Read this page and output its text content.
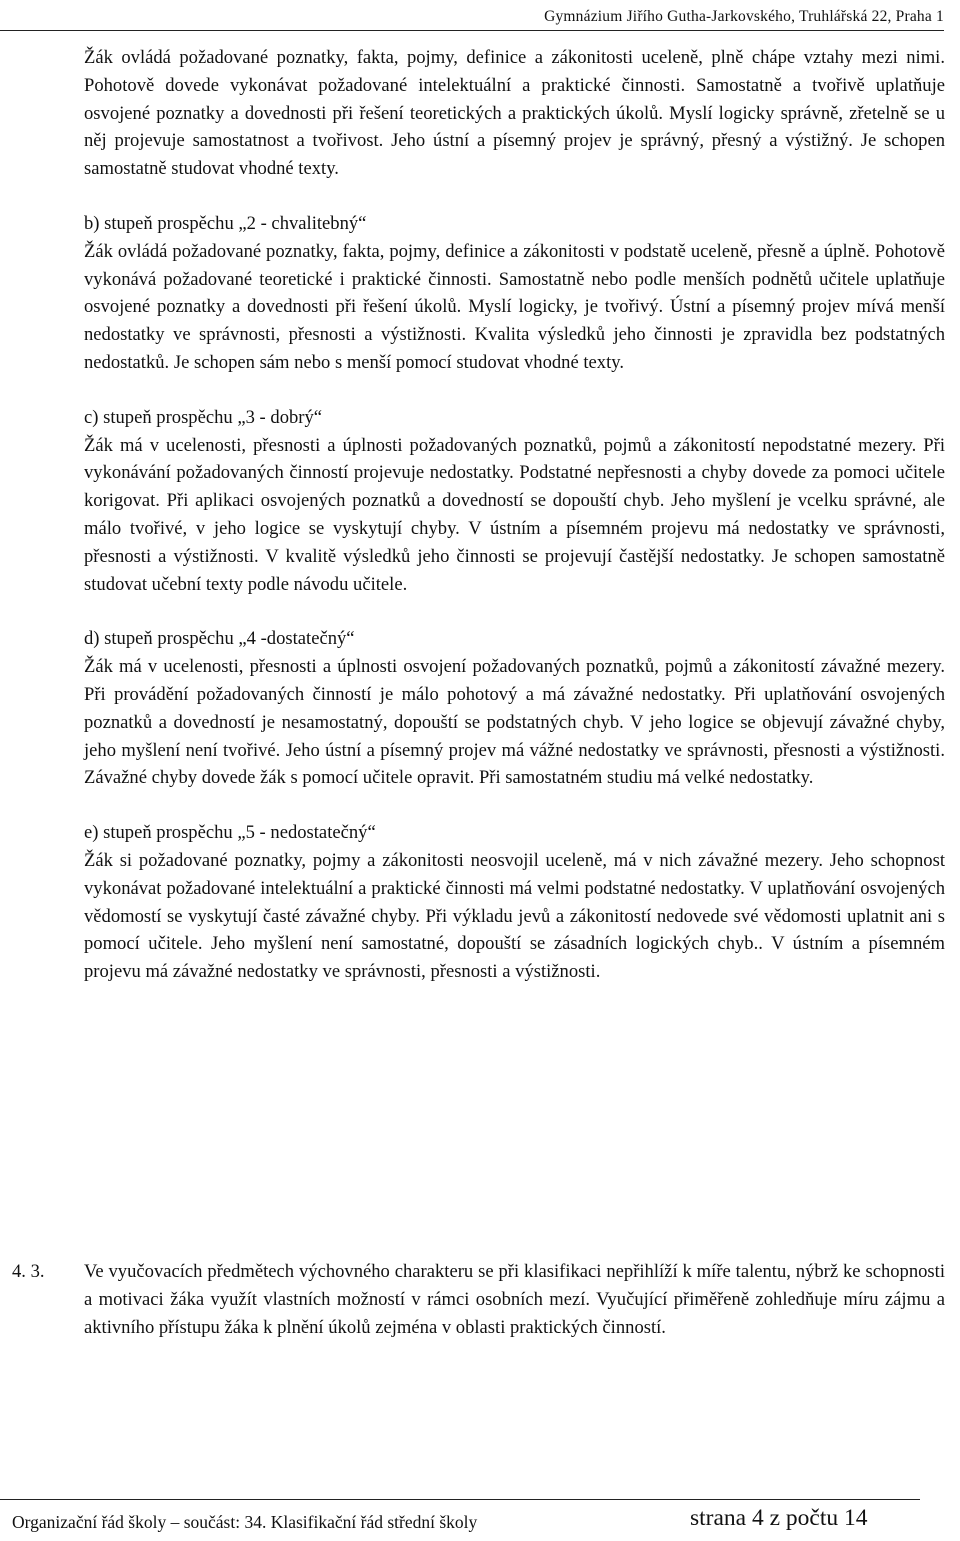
Gymnázium Jiřího Gutha-Jarkovského, Truhlářská 22, Praha 1

Žák ovládá požadované poznatky, fakta, pojmy, definice a zákonitosti uceleně, plně chápe vztahy mezi nimi. Pohotově dovede vykonávat požadované intelektuální a praktické činnosti. Samostatně a tvořivě uplatňuje osvojené poznatky a dovednosti při řešení teoretických a praktických úkolů. Myslí logicky správně, zřetelně se u něj projevuje samostatnost a tvořivost. Jeho ústní a písemný projev je správný, přesný a výstižný. Je schopen samostatně studovat vhodné texty.

b) stupeň prospěchu „2 - chvalitebný“

Žák ovládá požadované poznatky, fakta, pojmy, definice a zákonitosti v podstatě uceleně, přesně a úplně. Pohotově vykonává požadované teoretické i praktické činnosti. Samostatně nebo podle menších podnětů učitele uplatňuje osvojené poznatky a dovednosti při řešení úkolů. Myslí logicky, je tvořivý. Ústní a písemný projev mívá menší nedostatky ve správnosti, přesnosti a výstižnosti. Kvalita výsledků jeho činnosti je zpravidla bez podstatných nedostatků. Je schopen sám nebo s menší pomocí studovat vhodné texty.

c) stupeň prospěchu „3 - dobrý“

Žák má v ucelenosti, přesnosti a úplnosti požadovaných poznatků, pojmů a zákonitostí nepodstatné mezery. Při vykonávání požadovaných činností projevuje nedostatky. Podstatné nepřesnosti a chyby dovede za pomoci učitele korigovat. Při aplikaci osvojených poznatků a dovedností se dopouští chyb. Jeho myšlení je vcelku správné, ale málo tvořivé, v jeho logice se vyskytují chyby. V ústním a písemném projevu má nedostatky ve správnosti, přesnosti a výstižnosti. V kvalitě výsledků jeho činnosti se projevují častější nedostatky. Je schopen samostatně studovat učební texty podle návodu učitele.

d) stupeň prospěchu „4 -dostatečný“

Žák má v ucelenosti, přesnosti a úplnosti osvojení požadovaných poznatků, pojmů a zákonitostí závažné mezery. Při provádění požadovaných činností je málo pohotový a má závažné nedostatky. Při uplatňování osvojených poznatků a dovedností je nesamostatný, dopouští se podstatných chyb. V jeho logice se objevují závažné chyby, jeho myšlení není tvořivé. Jeho ústní a písemný projev má vážné nedostatky ve správnosti, přesnosti a výstižnosti. Závažné chyby dovede žák s pomocí učitele opravit. Při samostatném studiu má velké nedostatky.

e) stupeň prospěchu „5 - nedostatečný“

Žák si požadované poznatky, pojmy a zákonitosti neosvojil uceleně, má v nich závažné mezery. Jeho schopnost vykonávat požadované intelektuální a praktické činnosti má velmi podstatné nedostatky. V uplatňování osvojených vědomostí se vyskytují časté závažné chyby. Při výkladu jevů a zákonitostí nedovede své vědomosti uplatnit ani s pomocí učitele. Jeho myšlení není samostatné, dopouští se zásadních logických chyb.. V ústním a písemném projevu má závažné nedostatky ve správnosti, přesnosti a výstižnosti.

4. 3. Ve vyučovacích předmětech výchovného charakteru se při klasifikaci nepřihlíží k míře talentu, nýbrž ke schopnosti a motivaci žáka využít vlastních možností v rámci osobních mezí. Vyučující přiměřeně zohledňuje míru zájmu a aktivního přístupu žáka k plnění úkolů zejména v oblasti praktických činností.

Organizační řád školy – součást: 34. Klasifikační řád střední školy	strana 4 z počtu 14
